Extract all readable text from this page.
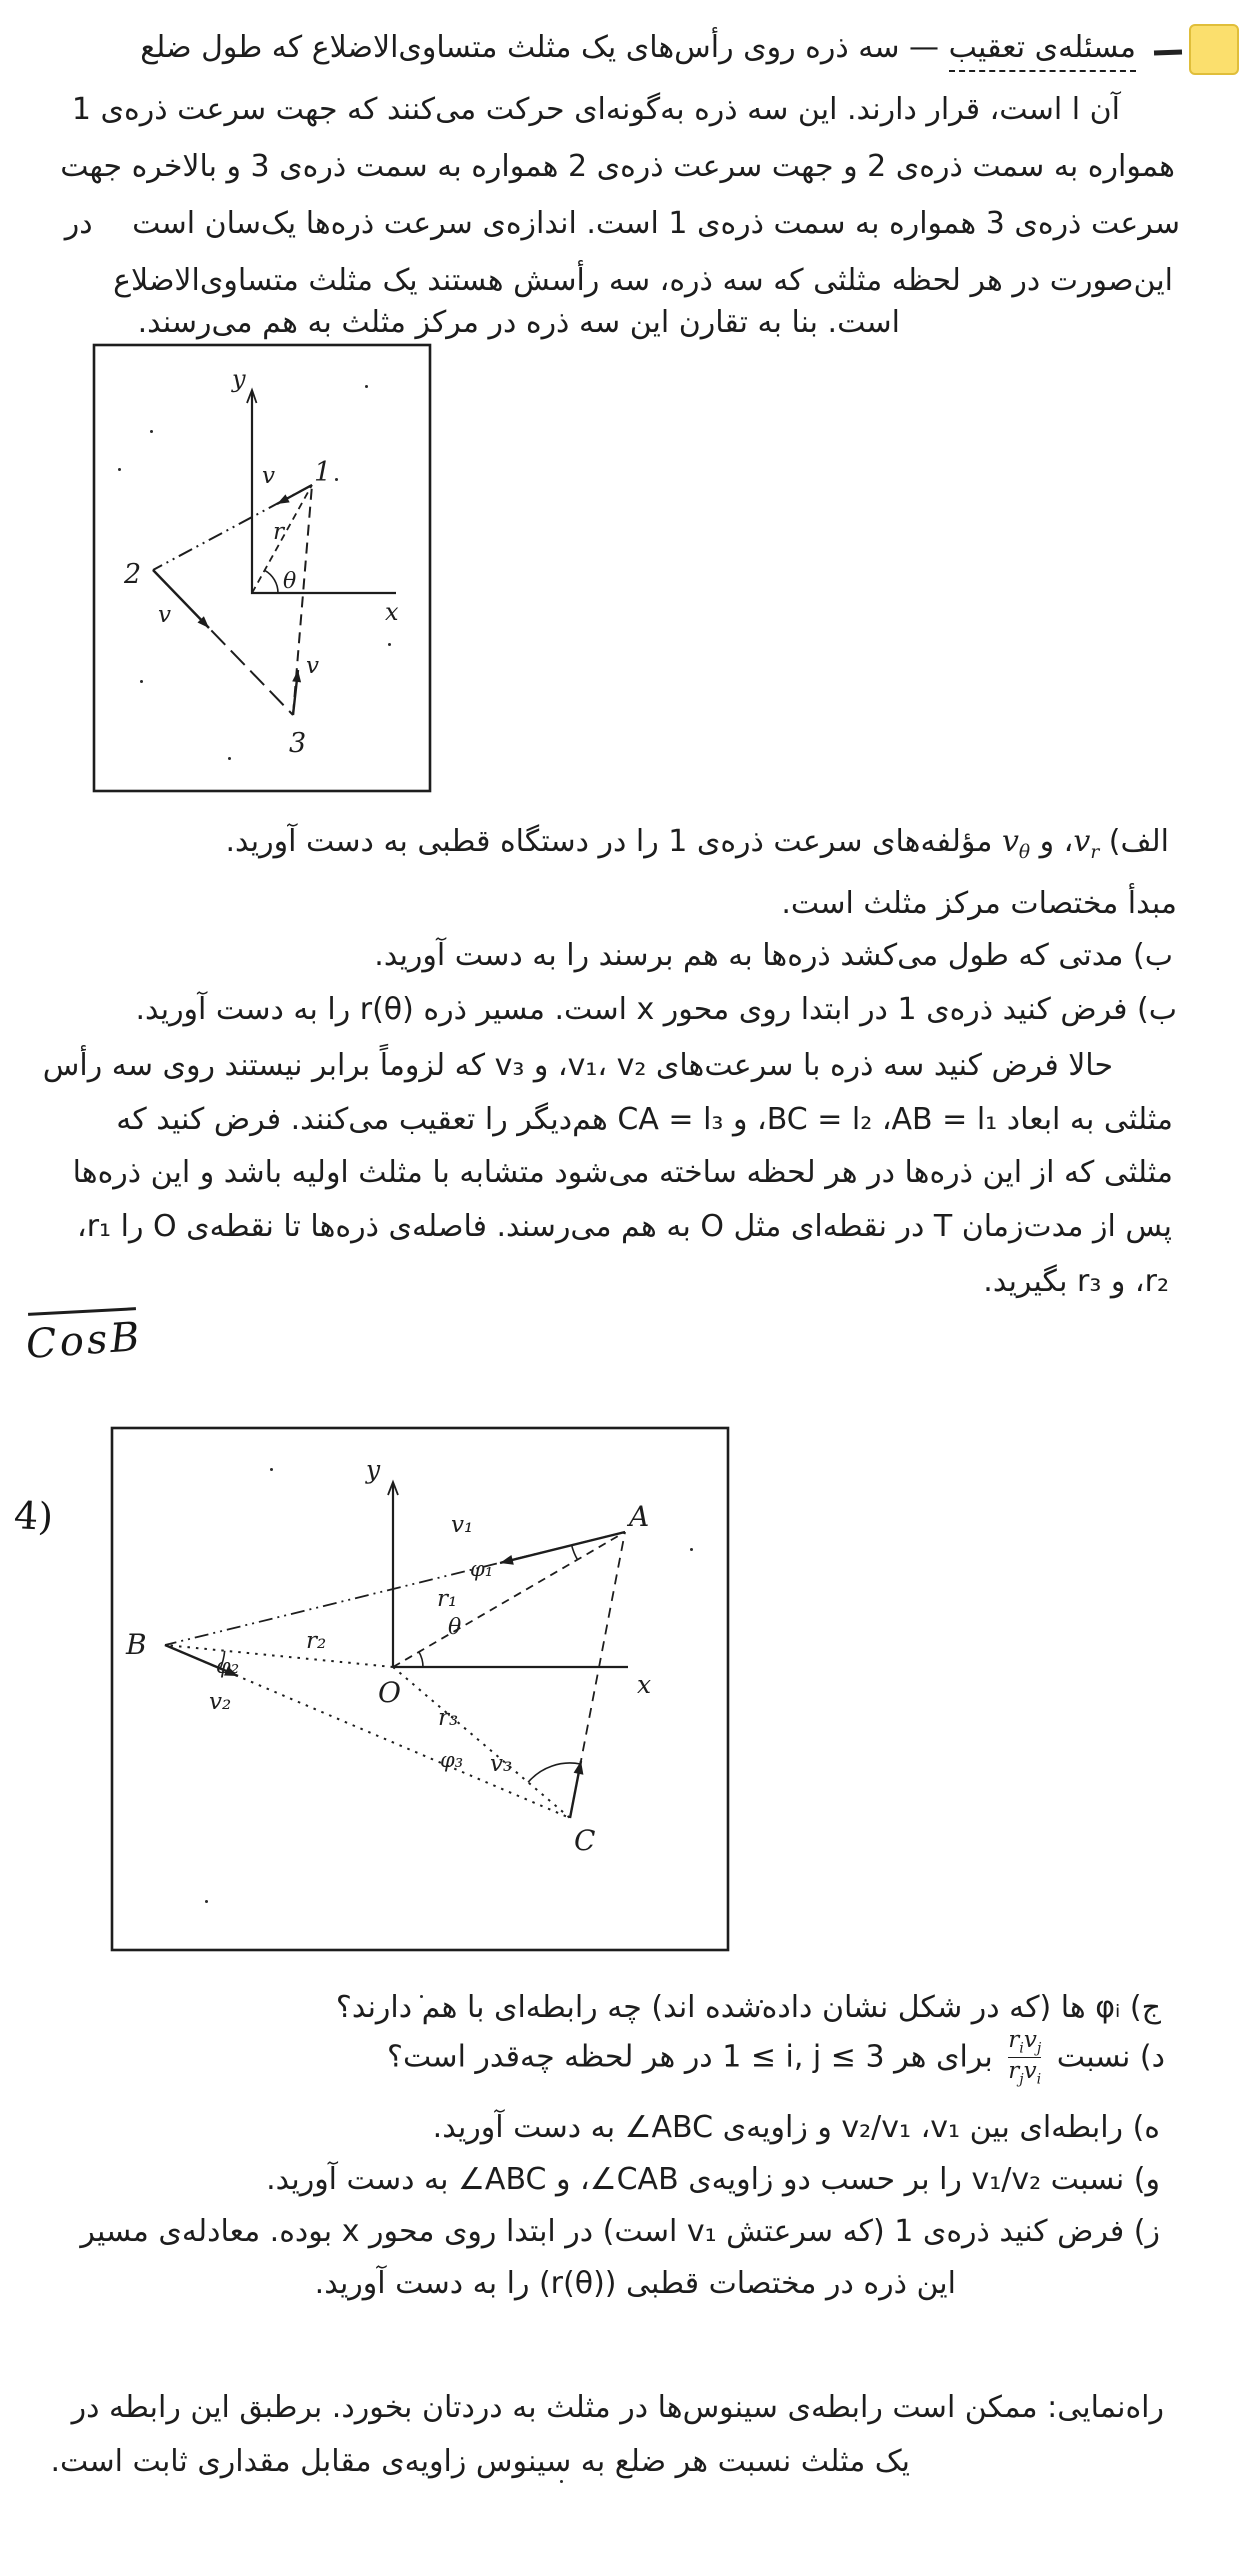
مسئله‌ی تعقیب — سه ذره روی رأس‌های یک مثلث متساوی‌الاضلاع که طول ضلع
آن ⁦l⁩ است، قرار دارند. این سه ذره به‌گونه‌ای حرکت می‌کنند که جهت سرعت ذره‌ی 1
همواره به سمت ذره‌ی 2 و جهت سرعت ذره‌ی 2 همواره به سمت ذره‌ی 3 و بالاخره جهت
سرعت ذره‌ی 3 همواره به سمت ذره‌ی 1 است. اندازه‌ی سرعت ذره‌ها یک‌سان است  در
این‌صورت در هر لحظه مثلثی که سه ذره، سه رأسش هستند یک مثلث متساوی‌الاضلاع
است. بنا به تقارن این سه ذره در مرکز مثلث به هم می‌رسند.
y
x
1
2
3
v
v
v
r
θ
الف) $v_r،$ و $v_\theta$ مؤلفه‌های سرعت ذره‌ی 1 را در دستگاه قطبی به دست آورید.
مبدأ مختصات مرکز مثلث است.
ب) مدتی که طول می‌کشد ذره‌ها به هم برسند را به دست آورید.
ب) فرض کنید ذره‌ی 1 در ابتدا روی محور ⁦x⁩ است. مسیر ذره ⁦r(θ)⁩ را به دست آورید.
حالا فرض کنید سه ذره با سرعت‌های v₁، v₂، و v₃ که لزوماً برابر نیستند روی سه رأس
مثلثی به ابعاد ⁦AB = l₁⁩، ⁦BC = l₂⁩، و ⁦CA = l₃⁩ هم‌دیگر را تعقیب می‌کنند. فرض کنید که
مثلثی که از این ذره‌ها در هر لحظه ساخته می‌شود متشابه با مثلث اولیه باشد و این ذره‌ها
پس از مدت‌زمان ⁦T⁩ در نقطه‌ای مثل ⁦O⁩ به هم می‌رسند. فاصله‌ی ذره‌ها تا نقطه‌ی ⁦O⁩ را ⁦r₁⁩،
⁦r₂⁩، و ⁦r₃⁩ بگیرید.
CosB
4)
y
x
O
A
B
C
v₁
v₂
v₃
r₁
r₂
r₃
φ₁
φ₂
φ₃
θ
ج) ⁦φᵢ⁩ ها (که در شکل نشان داده‌شده اند) چه رابطه‌ای با هم دارند؟
د) نسبت
$\frac{r_iv_j}{r_jv_i}$
برای هر ⁦1 ≤ i, j ≤ 3⁩ در هر لحظه چه‌قدر است؟
ه) رابطه‌ای بین ⁦v₁⁩، ⁦v₂/v₁⁩ و زاویه‌ی ⁦∠ABC⁩ به دست آورید.
و) نسبت ⁦v₁/v₂⁩ را بر حسب دو زاویه‌ی ⁦∠CAB⁩، و ⁦∠ABC⁩ به دست آورید.
ز) فرض کنید ذره‌ی 1 (که سرعتش ⁦v₁⁩ است) در ابتدا روی محور ⁦x⁩ بوده. معادله‌ی مسیر
این ذره در مختصات قطبی ⁦(r(θ))⁩ را به دست آورید.
راه‌نمایی: ممکن است رابطه‌ی سینوس‌ها در مثلث به دردتان بخورد. برطبق این رابطه در
یک مثلث نسبت هر ضلع به سینوس زاویه‌ی مقابل مقداری ثابت است.
